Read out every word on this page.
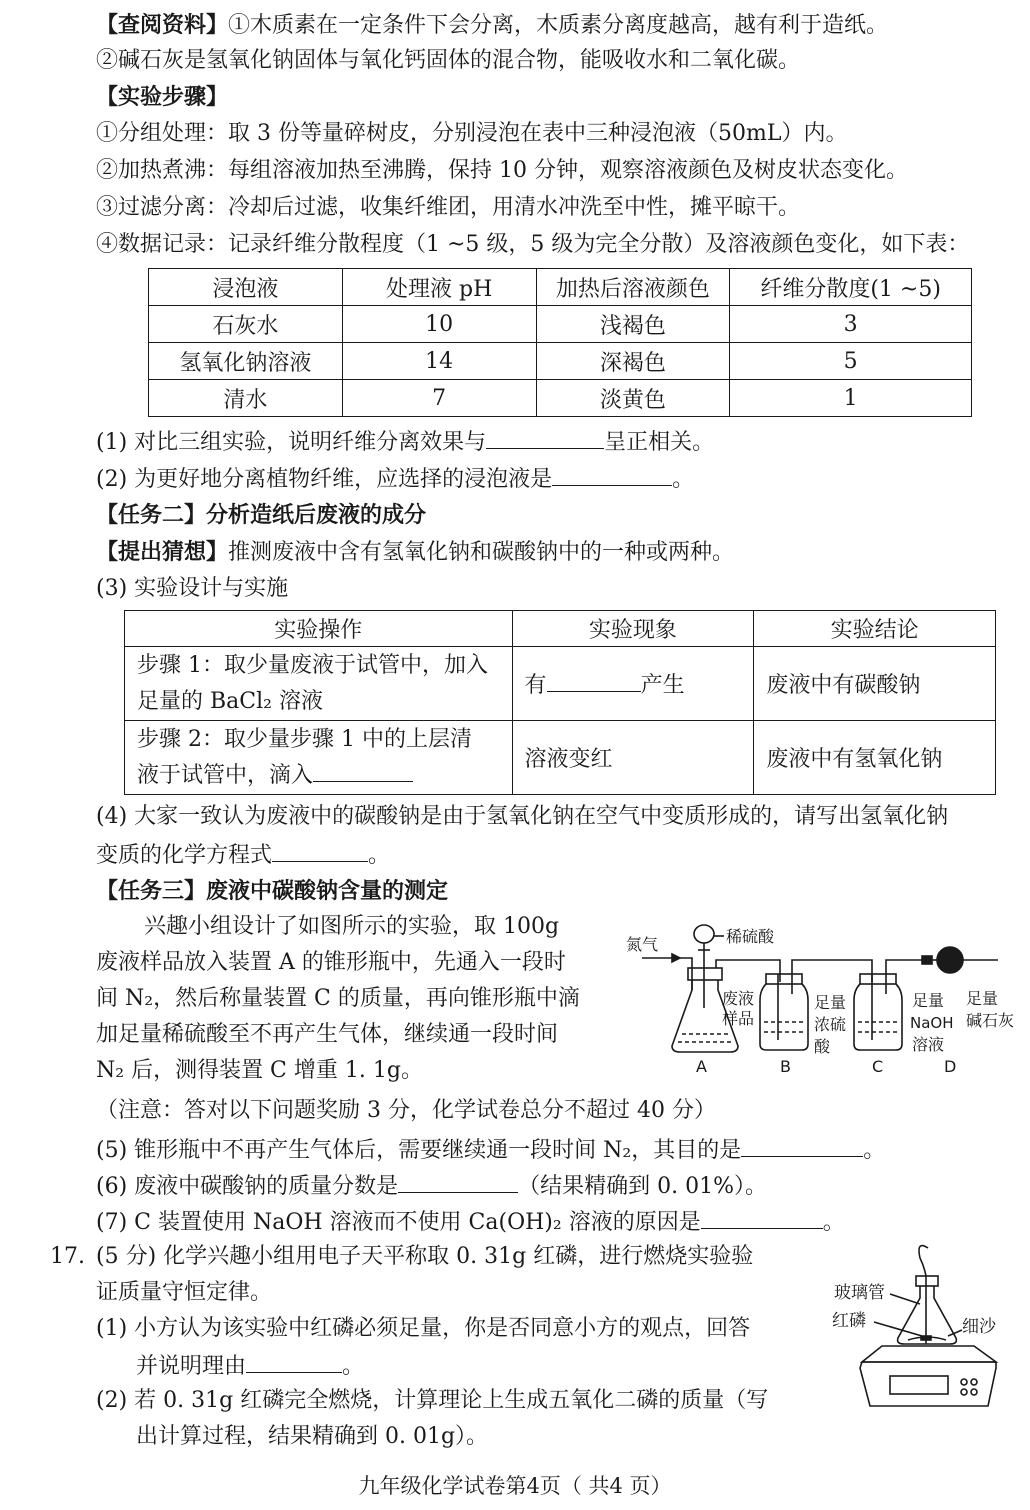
【查阅资料】①木质素在一定条件下会分离，木质素分离度越高，越有利于造纸。
②碱石灰是氢氧化钠固体与氧化钙固体的混合物，能吸收水和二氧化碳。
【实验步骤】
①分组处理：取 3 份等量碎树皮，分别浸泡在表中三种浸泡液（50mL）内。
②加热煮沸：每组溶液加热至沸腾，保持 10 分钟，观察溶液颜色及树皮状态变化。
③过滤分离：冷却后过滤，收集纤维团，用清水冲洗至中性，摊平晾干。
④数据记录：记录纤维分散程度（1 ~5 级，5 级为完全分散）及溶液颜色变化，如下表：
浸泡液	处理液 pH	加热后溶液颜色	纤维分散度(1 ~5)
石灰水	10	浅褐色	3
氢氧化钠溶液	14	深褐色	5
清水	7	淡黄色	1
(1) 对比三组实验，说明纤维分离效果与	呈正相关。
(2) 为更好地分离植物纤维，应选择的浸泡液是	。
【任务二】分析造纸后废液的成分
【提出猜想】推测废液中含有氢氧化钠和碳酸钠中的一种或两种。
(3) 实验设计与实施
实验操作	实验现象	实验结论

步骤 1：取少量废液于试管中，加入
足量的 BaCl₂ 溶液	有 产生	废液中有碳酸钠

步骤 2：取少量步骤 1 中的上层清
液于试管中，滴入	溶液变红	废液中有氢氧化钠
(4) 大家一致认为废液中的碳酸钠是由于氢氧化钠在空气中变质形成的，请写出氢氧化钠
变质的化学方程式	。
【任务三】废液中碳酸钠含量的测定
兴趣小组设计了如图所示的实验，取 100g
废液样品放入装置 A 的锥形瓶中，先通入一段时
间 N₂，然后称量装置 C 的质量，再向锥形瓶中滴
加足量稀硫酸至不再产生气体，继续通一段时间
N₂ 后，测得装置 C 增重 1. 1g。
氮气	稀硫酸
废液
样品
足量
浓硫
酸
足量
NaOH
溶液
足量
碱石灰
A	B	C	D
（注意：答对以下问题奖励 3 分，化学试卷总分不超过 40 分）
(5) 锥形瓶中不再产生气体后，需要继续通一段时间 N₂，其目的是	。
(6) 废液中碳酸钠的质量分数是	（结果精确到 0. 01%）。
(7) C 装置使用 NaOH 溶液而不使用 Ca(OH)₂ 溶液的原因是	。
17. (5 分) 化学兴趣小组用电子天平称取 0. 31g 红磷，进行燃烧实验验
证质量守恒定律。
(1) 小方认为该实验中红磷必须足量，你是否同意小方的观点，回答
并说明理由	。
(2) 若 0. 31g 红磷完全燃烧，计算理论上生成五氧化二磷的质量（写
出计算过程，结果精确到 0. 01g）。
玻璃管
红磷	细沙
九年级化学试卷第4页（ 共4 页）
